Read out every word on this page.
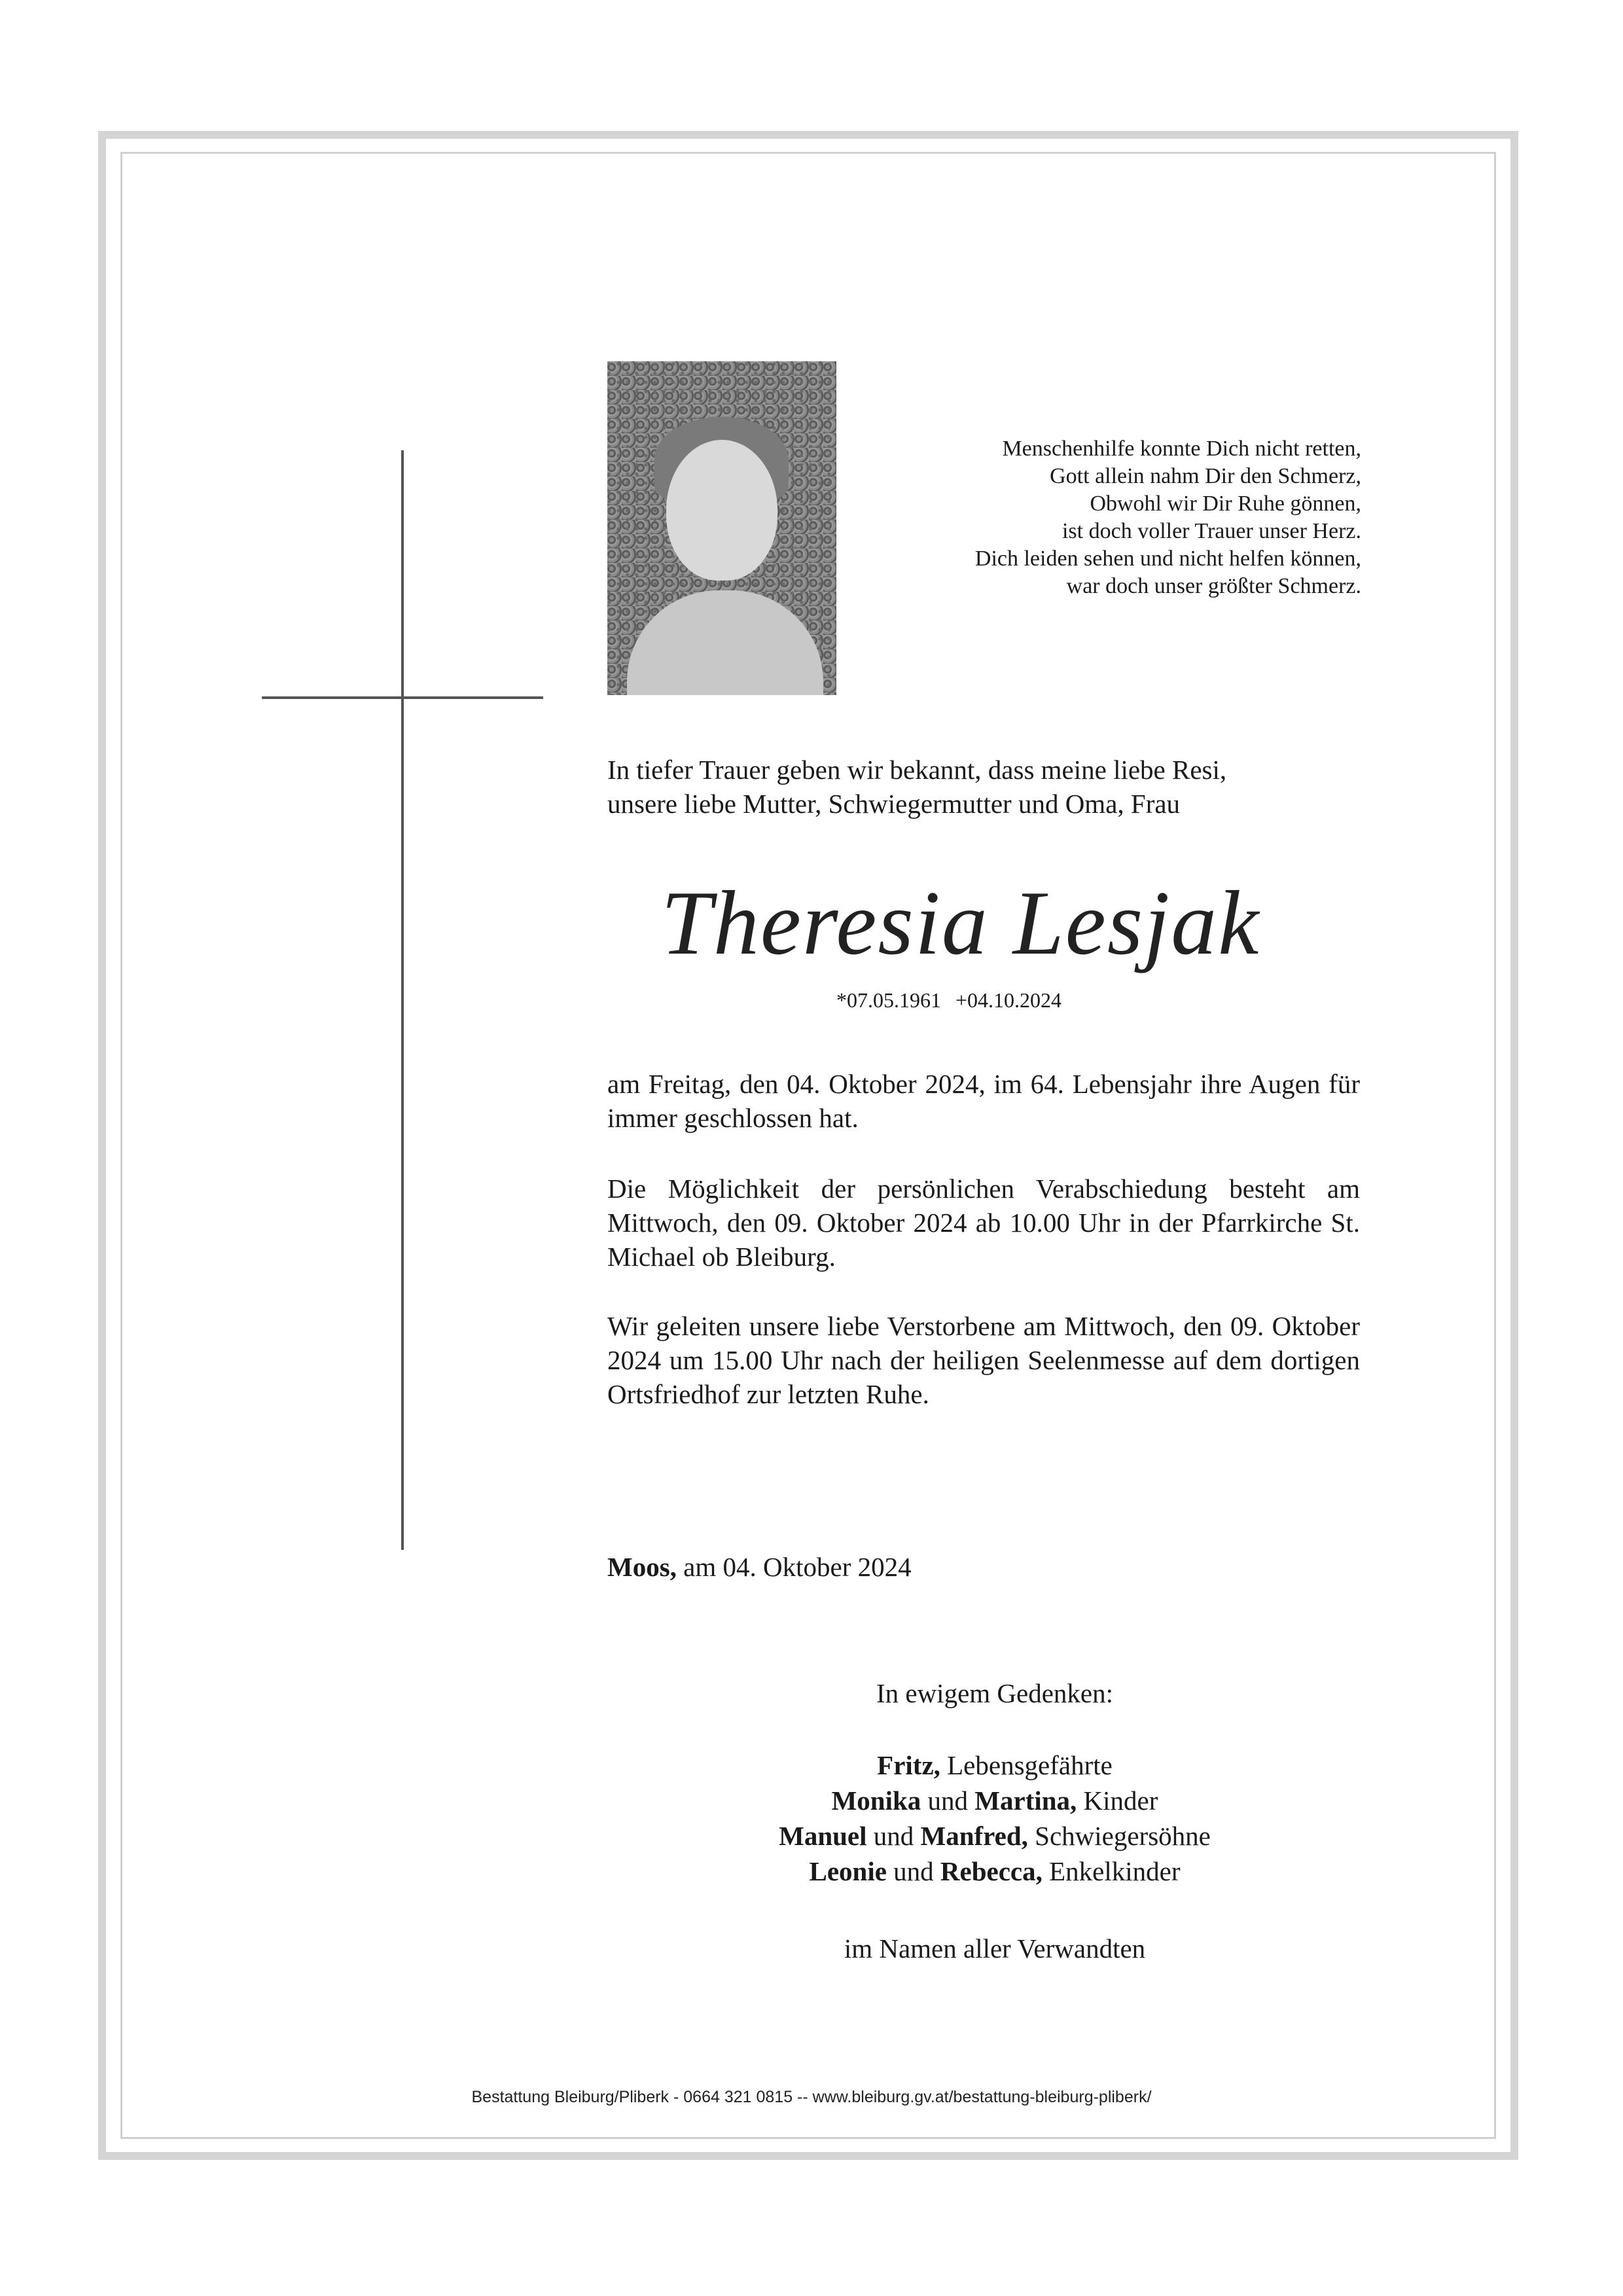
Menschenhilfe konnte Dich nicht retten,
Gott allein nahm Dir den Schmerz,
Obwohl wir Dir Ruhe gönnen,
ist doch voller Trauer unser Herz.
Dich leiden sehen und nicht helfen können,
war doch unser größter Schmerz.
In tiefer Trauer geben wir bekannt, dass meine liebe Resi,
unsere liebe Mutter, Schwiegermutter und Oma, Frau
Theresia Lesjak
*07.05.1961 +04.10.2024
am Freitag, den 04. Oktober 2024, im 64. Lebensjahr ihre Augen für immer geschlossen hat.
Die Möglichkeit der persönlichen Verabschiedung besteht am Mittwoch, den 09. Oktober 2024 ab 10.00 Uhr in der Pfarrkirche St. Michael ob Bleiburg.
Wir geleiten unsere liebe Verstorbene am Mittwoch, den 09. Oktober 2024 um 15.00 Uhr nach der heiligen Seelenmesse auf dem dortigen Ortsfriedhof zur letzten Ruhe.
Moos, am 04. Oktober 2024
In ewigem Gedenken:
Fritz, Lebensgefährte
Monika und Martina, Kinder
Manuel und Manfred, Schwiegersöhne
Leonie und Rebecca, Enkelkinder
im Namen aller Verwandten
Bestattung Bleiburg/Pliberk - 0664 321 0815 -- www.bleiburg.gv.at/bestattung-bleiburg-pliberk/
